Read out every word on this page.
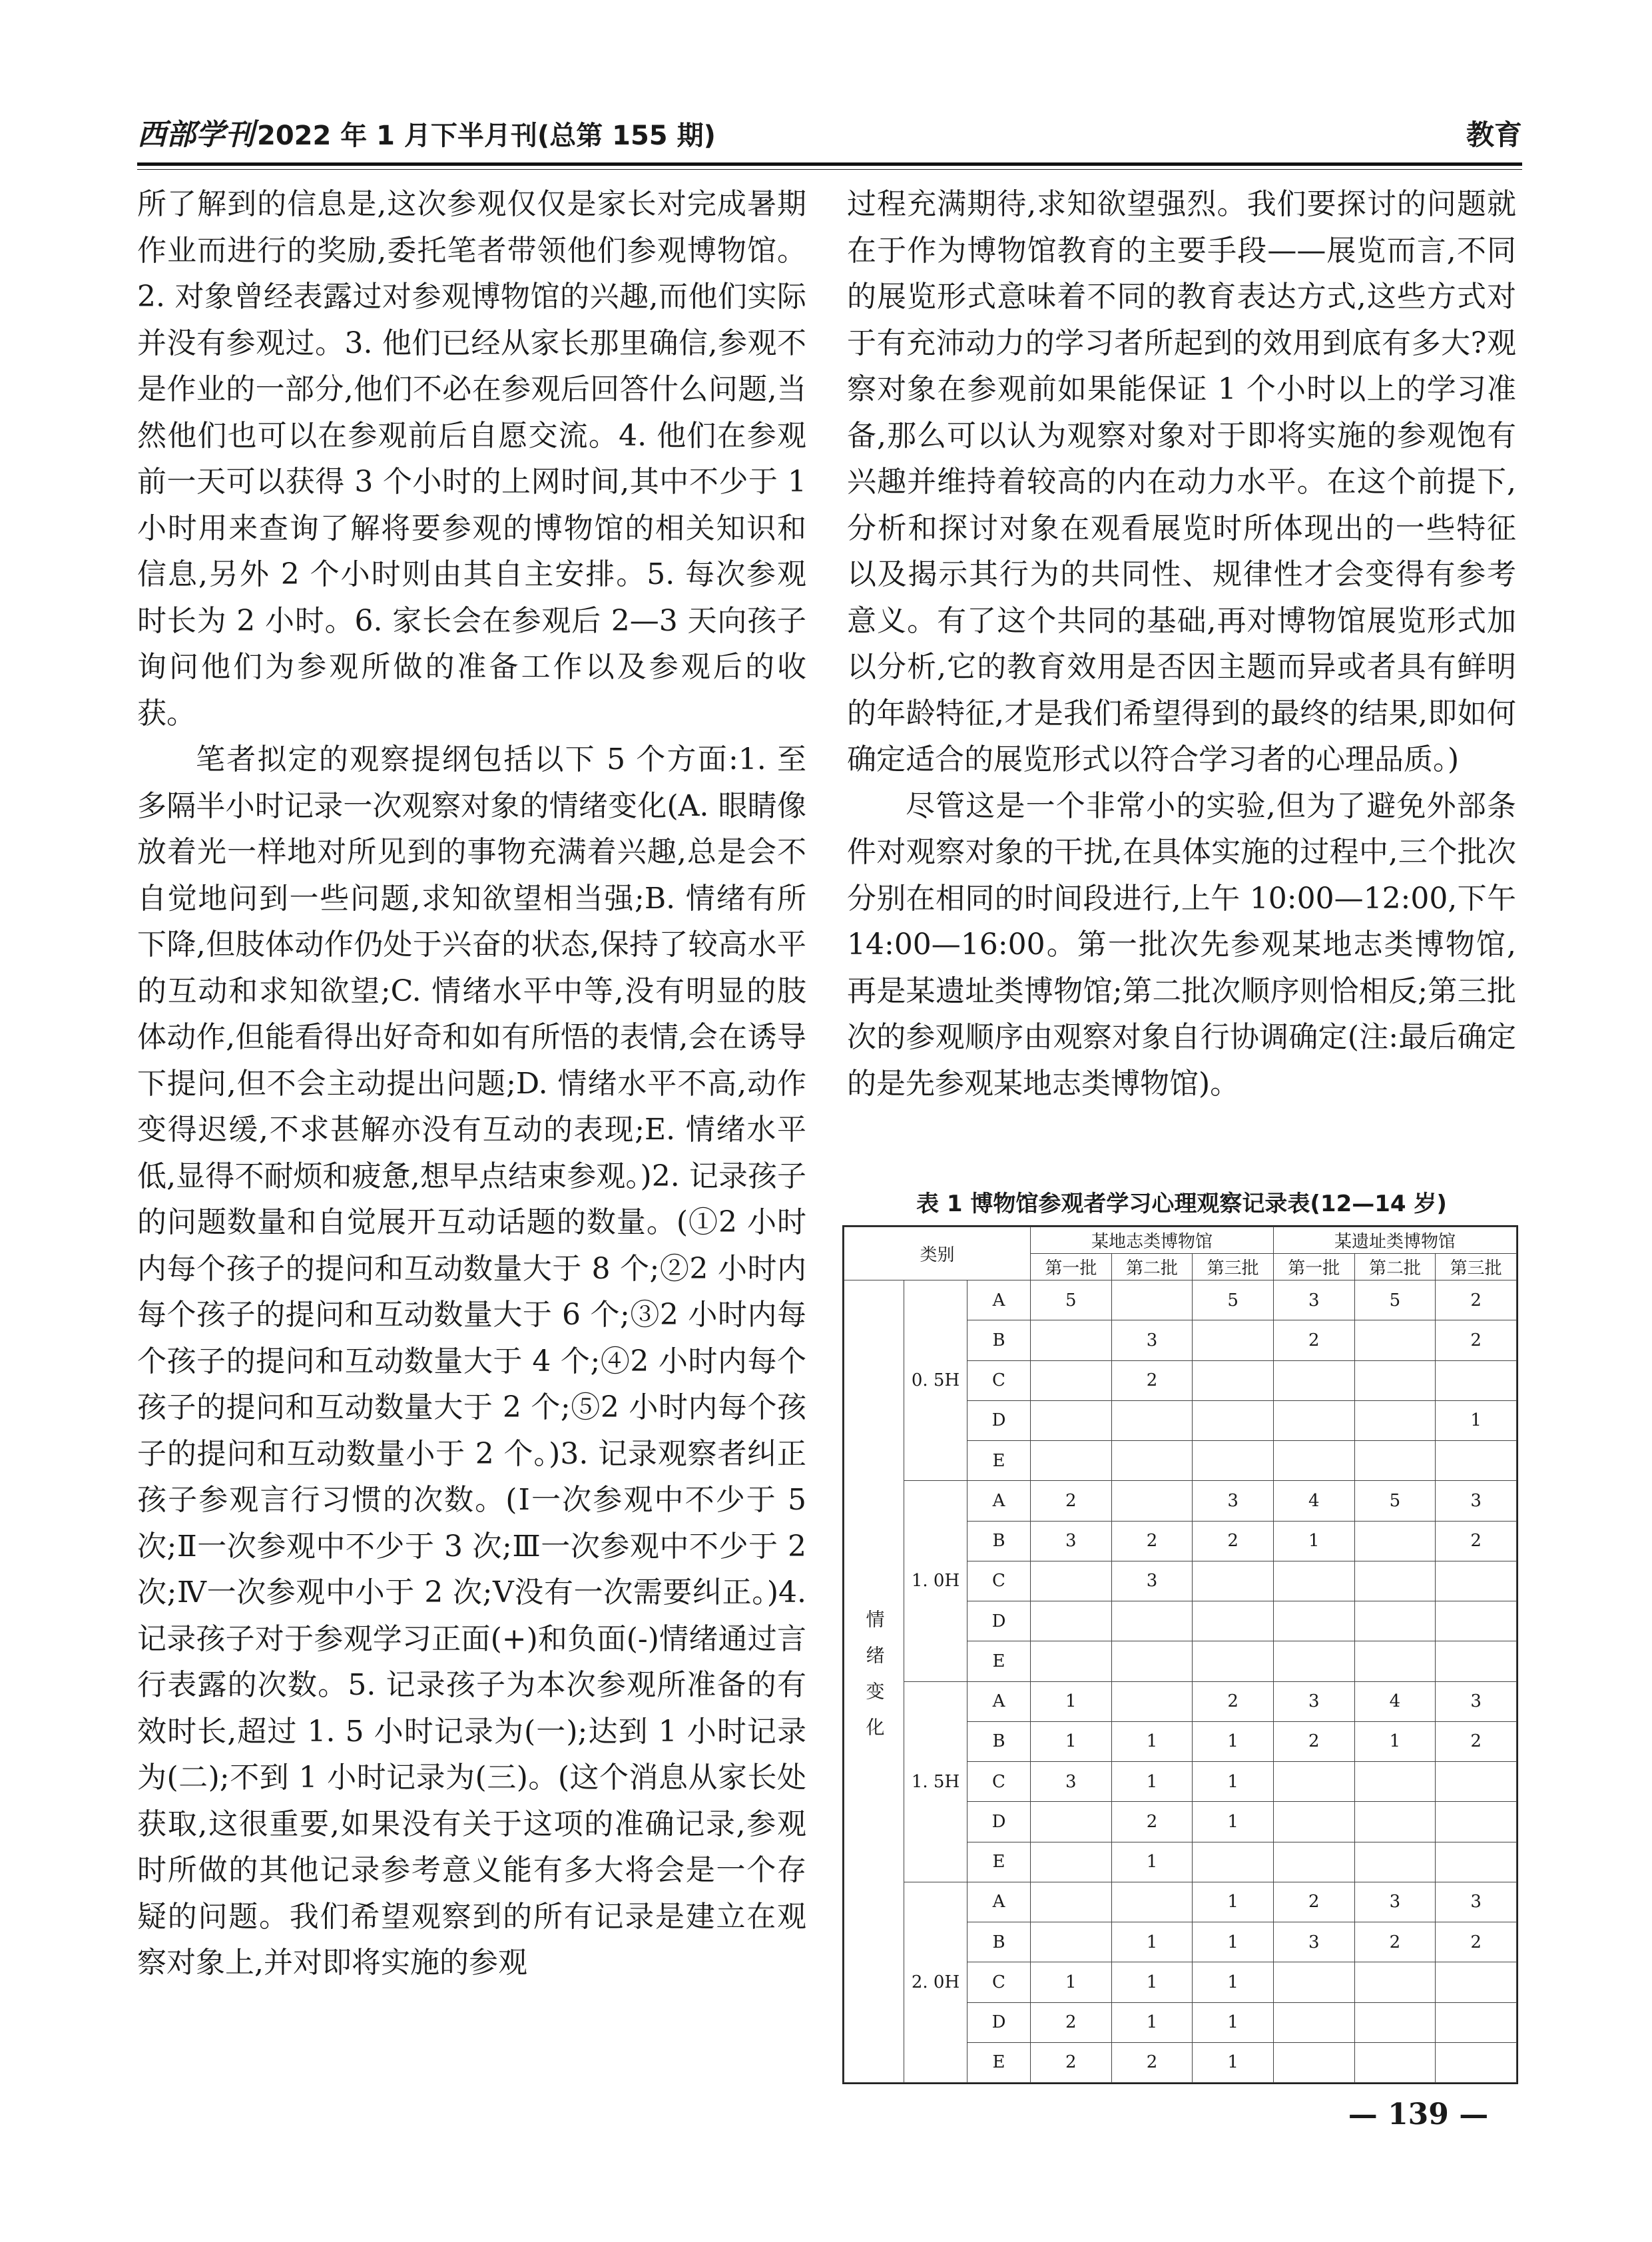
西部学刊 2022 年 1 月下半月刊(总第 155 期)	教育

所了解到的信息是,这次参观仅仅是家长对完成暑期作业而进行的奖励,委托笔者带领他们参观博物馆。2. 对象曾经表露过对参观博物馆的兴趣,而他们实际并没有参观过。3. 他们已经从家长那里确信,参观不是作业的一部分,他们不必在参观后回答什么问题,当然他们也可以在参观前后自愿交流。4. 他们在参观前一天可以获得 3 个小时的上网时间,其中不少于 1 小时用来查询了解将要参观的博物馆的相关知识和信息,另外 2 个小时则由其自主安排。5. 每次参观时长为 2 小时。6. 家长会在参观后 2—3 天向孩子询问他们为参观所做的准备工作以及参观后的收获。

笔者拟定的观察提纲包括以下 5 个方面:1. 至多隔半小时记录一次观察对象的情绪变化(A. 眼睛像放着光一样地对所见到的事物充满着兴趣,总是会不自觉地问到一些问题,求知欲望相当强;B. 情绪有所下降,但肢体动作仍处于兴奋的状态,保持了较高水平的互动和求知欲望;C. 情绪水平中等,没有明显的肢体动作,但能看得出好奇和如有所悟的表情,会在诱导下提问,但不会主动提出问题;D. 情绪水平不高,动作变得迟缓,不求甚解亦没有互动的表现;E. 情绪水平低,显得不耐烦和疲惫,想早点结束参观。)2. 记录孩子的问题数量和自觉展开互动话题的数量。(①2 小时内每个孩子的提问和互动数量大于 8 个;②2 小时内每个孩子的提问和互动数量大于 6 个;③2 小时内每个孩子的提问和互动数量大于 4 个;④2 小时内每个孩子的提问和互动数量大于 2 个;⑤2 小时内每个孩子的提问和互动数量小于 2 个。)3. 记录观察者纠正孩子参观言行习惯的次数。(Ⅰ一次参观中不少于 5 次;Ⅱ一次参观中不少于 3 次;Ⅲ一次参观中不少于 2 次;Ⅳ一次参观中小于 2 次;Ⅴ没有一次需要纠正。)4. 记录孩子对于参观学习正面(+)和负面(-)情绪通过言行表露的次数。5. 记录孩子为本次参观所准备的有效时长,超过 1. 5 小时记录为(一);达到 1 小时记录为(二);不到 1 小时记录为(三)。(这个消息从家长处获取,这很重要,如果没有关于这项的准确记录,参观时所做的其他记录参考意义能有多大将会是一个存疑的问题。我们希望观察到的所有记录是建立在观察对象上,并对即将实施的参观

过程充满期待,求知欲望强烈。我们要探讨的问题就在于作为博物馆教育的主要手段——展览而言,不同的展览形式意味着不同的教育表达方式,这些方式对于有充沛动力的学习者所起到的效用到底有多大?观察对象在参观前如果能保证 1 个小时以上的学习准备,那么可以认为观察对象对于即将实施的参观饱有兴趣并维持着较高的内在动力水平。在这个前提下,分析和探讨对象在观看展览时所体现出的一些特征以及揭示其行为的共同性、规律性才会变得有参考意义。有了这个共同的基础,再对博物馆展览形式加以分析,它的教育效用是否因主题而异或者具有鲜明的年龄特征,才是我们希望得到的最终的结果,即如何确定适合的展览形式以符合学习者的心理品质。)

尽管这是一个非常小的实验,但为了避免外部条件对观察对象的干扰,在具体实施的过程中,三个批次分别在相同的时间段进行,上午 10:00—12:00,下午 14:00—16:00。第一批次先参观某地志类博物馆,再是某遗址类博物馆;第二批次顺序则恰相反;第三批次的参观顺序由观察对象自行协调确定(注:最后确定的是先参观某地志类博物馆)。

表 1 博物馆参观者学习心理观察记录表(12—14 岁)
类别			某地志类博物馆			某遗址类博物馆		
			第一批	第二批	第三批	第一批	第二批	第三批
情绪变化	0. 5H	A	5		5	3	5	2
		B		3		2		2
		C		2				
		D						1
		E						
	1. 0H	A	2		3	4	5	3
		B	3	2	2	1		2
		C		3				
		D						
		E						
	1. 5H	A	1		2	3	4	3
		B	1	1	1	2	1	2
		C	3	1	1			
		D		2	1			
		E		1				
	2. 0H	A			1	2	3	3
		B		1	1	3	2	2
		C	1	1	1			
		D	2	1	1			
		E	2	2	1			
— 139 —
